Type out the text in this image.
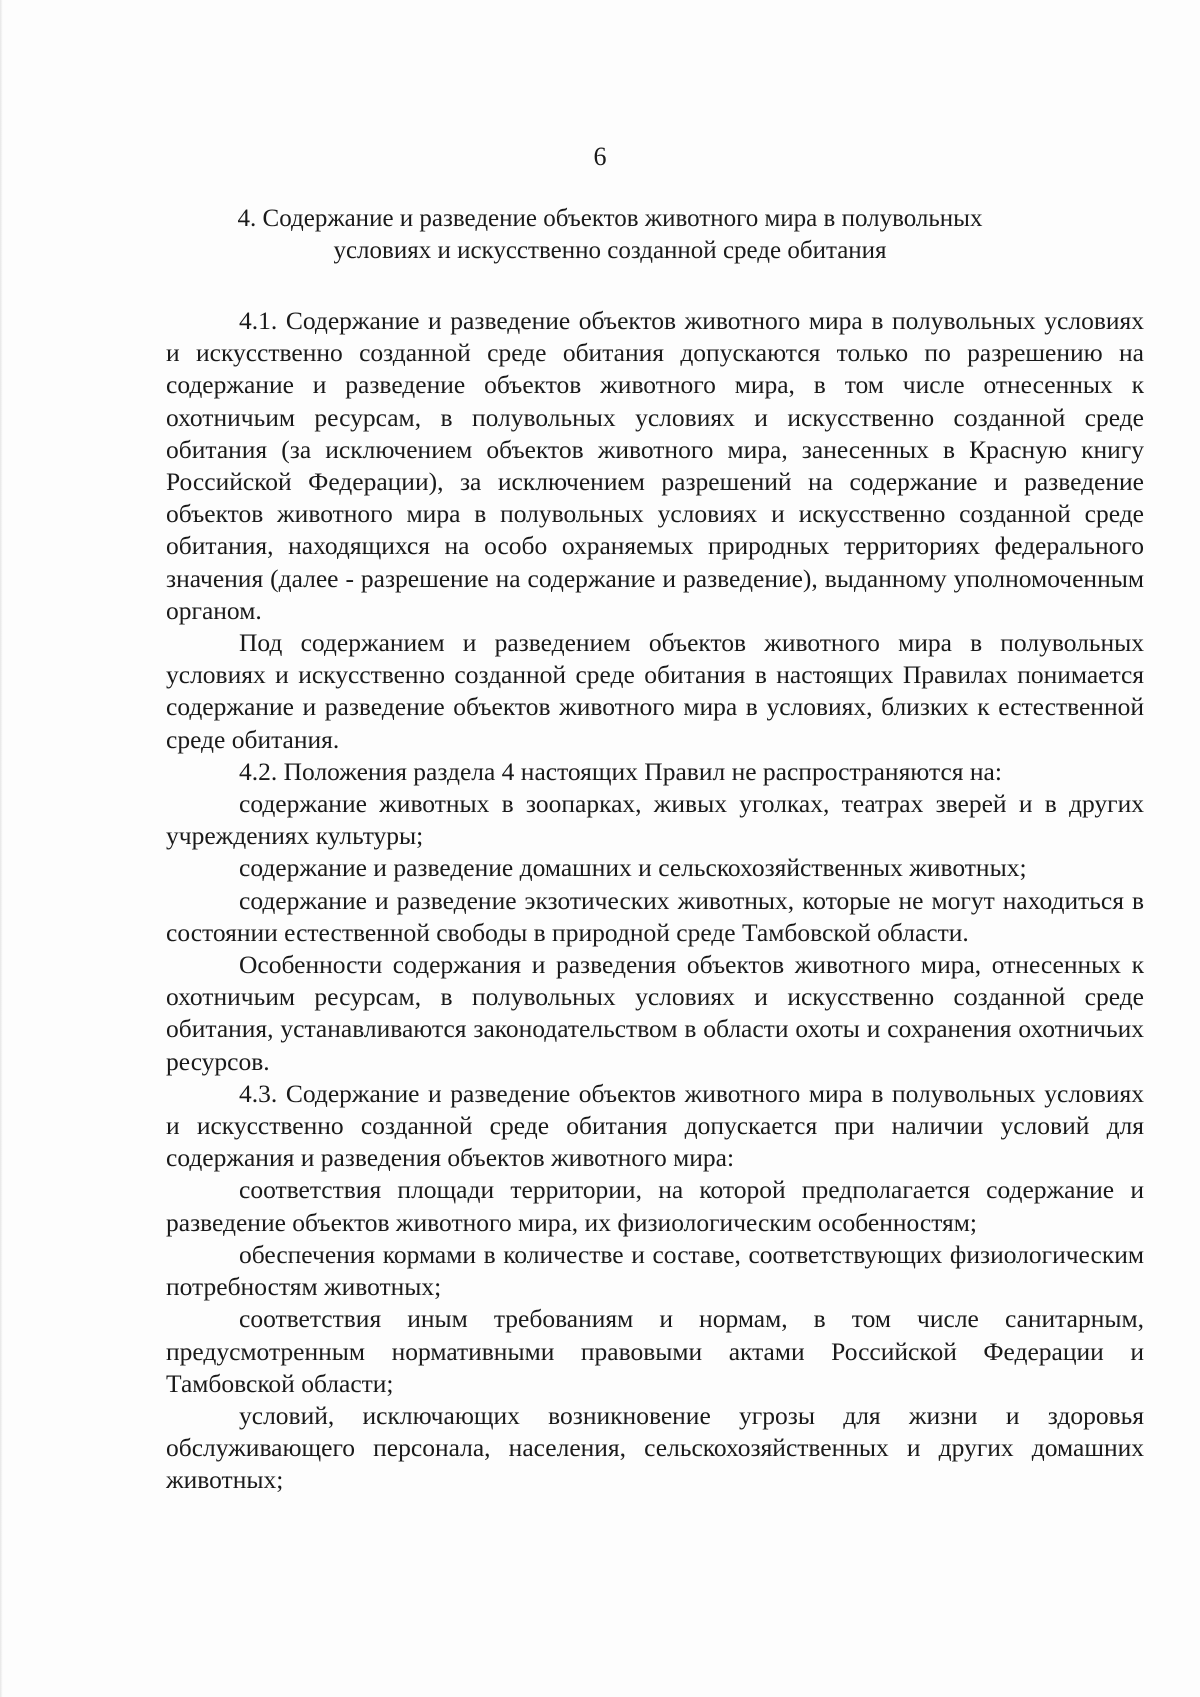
6
4. Содержание и разведение объектов животного мира в полувольных
условиях и искусственно созданной среде обитания

4.1. Содержание и разведение объектов животного мира в полувольных условиях и искусственно созданной среде обитания допускаются только по разрешению на содержание и разведение объектов животного мира, в том числе отнесенных к охотничьим ресурсам, в полувольных условиях и искусственно созданной среде обитания (за исключением объектов животного мира, занесенных в Красную книгу Российской Федерации), за исключением разрешений на содержание и разведение объектов животного мира в полувольных условиях и искусственно созданной среде обитания, находящихся на особо охраняемых природных территориях федерального значения (далее - разрешение на содержание и разведение), выданному уполномоченным органом.

Под содержанием и разведением объектов животного мира в полувольных условиях и искусственно созданной среде обитания в настоящих Правилах понимается содержание и разведение объектов животного мира в условиях, близких к естественной среде обитания.

4.2. Положения раздела 4 настоящих Правил не распространяются на:

содержание животных в зоопарках, живых уголках, театрах зверей и в других учреждениях культуры;

содержание и разведение домашних и сельскохозяйственных животных;

содержание и разведение экзотических животных, которые не могут находиться в состоянии естественной свободы в природной среде Тамбовской области.

Особенности содержания и разведения объектов животного мира, отнесенных к охотничьим ресурсам, в полувольных условиях и искусственно созданной среде обитания, устанавливаются законодательством в области охоты и сохранения охотничьих ресурсов.

4.3. Содержание и разведение объектов животного мира в полувольных условиях и искусственно созданной среде обитания допускается при наличии условий для содержания и разведения объектов животного мира:

соответствия площади территории, на которой предполагается содержание и разведение объектов животного мира, их физиологическим особенностям;

обеспечения кормами в количестве и составе, соответствующих физиологическим потребностям животных;

соответствия иным требованиям и нормам, в том числе санитарным, предусмотренным нормативными правовыми актами Российской Федерации и Тамбовской области;

условий, исключающих возникновение угрозы для жизни и здоровья обслуживающего персонала, населения, сельскохозяйственных и других домашних животных;
